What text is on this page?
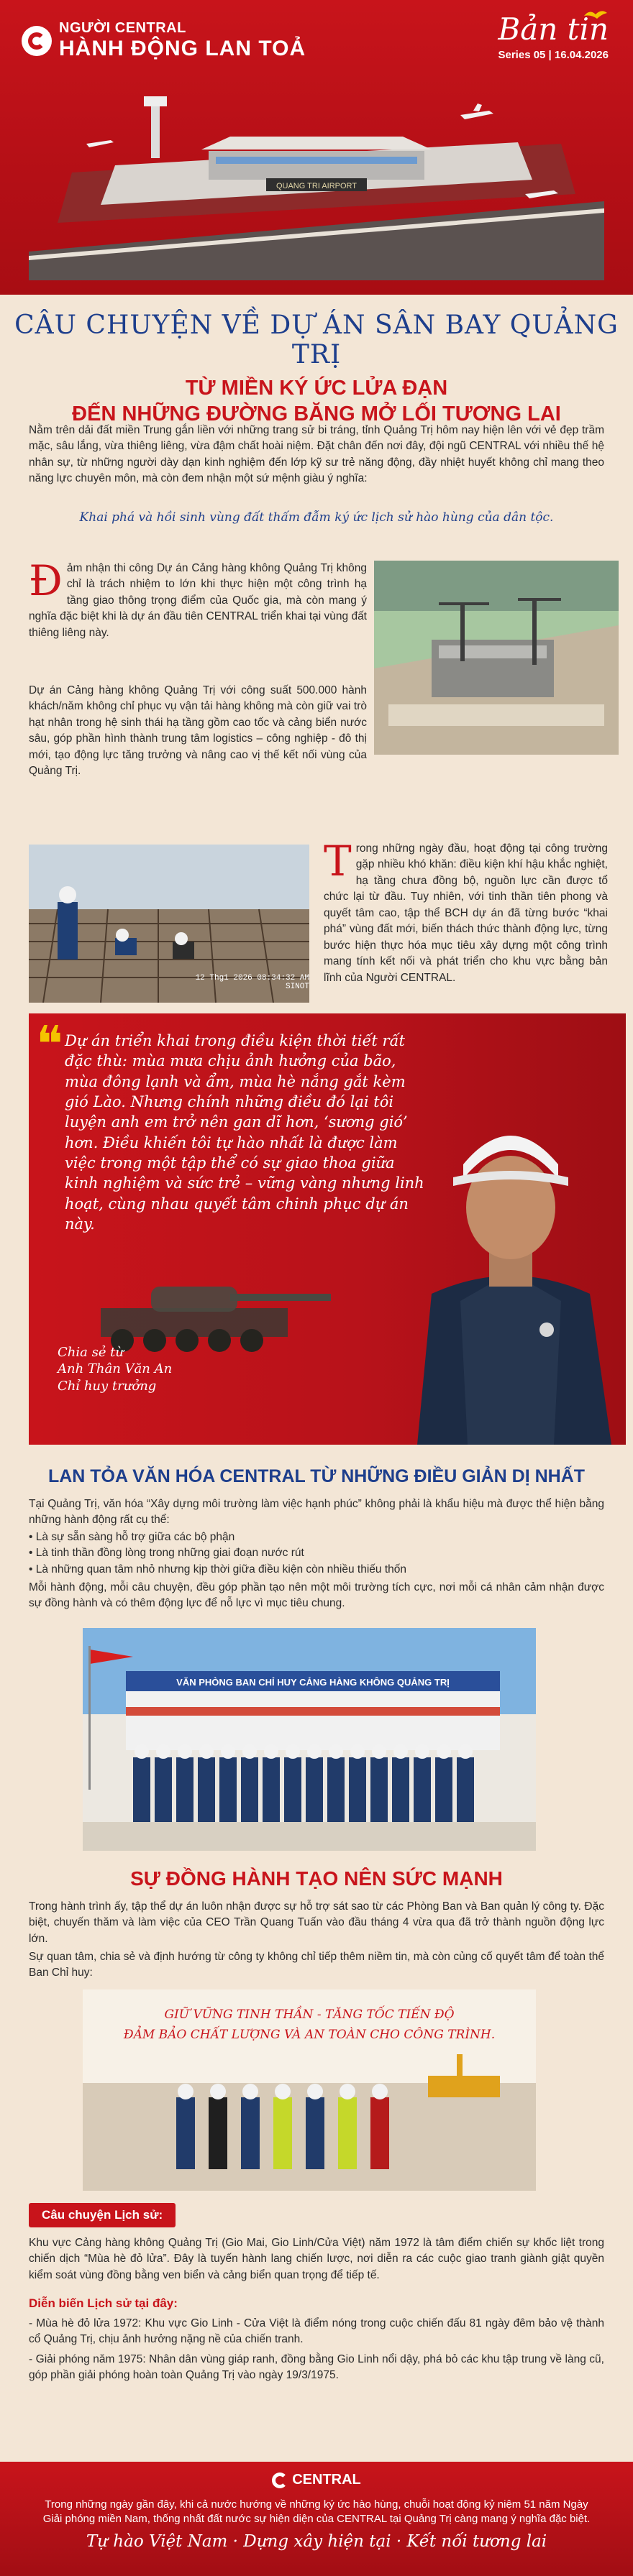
NGƯỜI CENTRAL
HÀNH ĐỘNG LAN TOẢ
Bản tin
Series 05 | 16.04.2026
QUANG TRI AIRPORT
CÂU CHUYỆN VỀ DỰ ÁN SÂN BAY QUẢNG TRỊ
TỪ MIỀN KÝ ỨC LỬA ĐẠN
ĐẾN NHỮNG ĐƯỜNG BĂNG MỞ LỐI TƯƠNG LAI
Nằm trên dải đất miền Trung gắn liền với những trang sử bi tráng, tỉnh Quảng Trị hôm nay hiện lên với vẻ đẹp trầm mặc, sâu lắng, vừa thiêng liêng, vừa đậm chất hoài niệm. Đặt chân đến nơi đây, đội ngũ CENTRAL với nhiều thế hệ nhân sự, từ những người dày dạn kinh nghiệm đến lớp kỹ sư trẻ năng động, đầy nhiệt huyết không chỉ mang theo năng lực chuyên môn, mà còn đem nhận một sứ mệnh giàu ý nghĩa:
Khai phá và hồi sinh vùng đất thấm đẫm ký ức lịch sử hào hùng của dân tộc.
Đảm nhận thi công Dự án Cảng hàng không Quảng Trị không chỉ là trách nhiệm to lớn khi thực hiện một công trình hạ tầng giao thông trọng điểm của Quốc gia, mà còn mang ý nghĩa đặc biệt khi là dự án đầu tiên CENTRAL triển khai tại vùng đất thiêng liêng này.
Dự án Cảng hàng không Quảng Trị với công suất 500.000 hành khách/năm không chỉ phục vụ vận tải hàng không mà còn giữ vai trò hạt nhân trong hệ sinh thái hạ tầng gồm cao tốc và cảng biển nước sâu, góp phần hình thành trung tâm logistics – công nghiệp - đô thị mới, tạo động lực tăng trưởng và nâng cao vị thế kết nối vùng của Quảng Trị.
12 Thg1 2026 08:34:32 AM
SINOT
Trong những ngày đầu, hoạt động tại công trường gặp nhiều khó khăn: điều kiện khí hậu khắc nghiệt, hạ tầng chưa đồng bộ, nguồn lực cần được tổ chức lại từ đầu. Tuy nhiên, với tinh thần tiên phong và quyết tâm cao, tập thể BCH dự án đã từng bước “khai phá” vùng đất mới, biến thách thức thành động lực, từng bước hiện thực hóa mục tiêu xây dựng một công trình mang tính kết nối và phát triển cho khu vực bằng bản lĩnh của Người CENTRAL.
❝ Dự án triển khai trong điều kiện thời tiết rất đặc thù: mùa mưa chịu ảnh hưởng của bão, mùa đông lạnh và ẩm, mùa hè nắng gắt kèm gió Lào. Nhưng chính những điều đó lại tôi luyện anh em trở nên gan dĩ hơn, ‘sương gió’ hơn. Điều khiến tôi tự hào nhất là được làm việc trong một tập thể có sự giao thoa giữa kinh nghiệm và sức trẻ – vững vàng nhưng linh hoạt, cùng nhau quyết tâm chinh phục dự án này.
Chia sẻ từ
Anh Thân Văn An
Chỉ huy trưởng
LAN TỎA VĂN HÓA CENTRAL TỪ NHỮNG ĐIỀU GIẢN DỊ NHẤT
Tại Quảng Trị, văn hóa “Xây dựng môi trường làm việc hạnh phúc” không phải là khẩu hiệu mà được thể hiện bằng những hành động rất cụ thể:
• Là sự sẵn sàng hỗ trợ giữa các bộ phận
• Là tinh thần đồng lòng trong những giai đoạn nước rút
• Là những quan tâm nhỏ nhưng kịp thời giữa điều kiện còn nhiều thiếu thốn
Mỗi hành động, mỗi câu chuyện, đều góp phần tạo nên một môi trường tích cực, nơi mỗi cá nhân cảm nhận được sự đồng hành và có thêm động lực để nỗ lực vì mục tiêu chung.
VĂN PHÒNG BAN CHỈ HUY CẢNG HÀNG KHÔNG QUẢNG TRỊ
SỰ ĐỒNG HÀNH TẠO NÊN SỨC MẠNH
Trong hành trình ấy, tập thể dự án luôn nhận được sự hỗ trợ sát sao từ các Phòng Ban và Ban quản lý công ty. Đặc biệt, chuyến thăm và làm việc của CEO Trần Quang Tuấn vào đầu tháng 4 vừa qua đã trở thành nguồn động lực lớn.
Sự quan tâm, chia sẻ và định hướng từ công ty không chỉ tiếp thêm niềm tin, mà còn củng cố quyết tâm để toàn thể Ban Chỉ huy:
GIỮ VỮNG TINH THẦN - TĂNG TỐC TIẾN ĐỘ
ĐẢM BẢO CHẤT LƯỢNG VÀ AN TOÀN CHO CÔNG TRÌNH.
Câu chuyện Lịch sử:
Khu vực Cảng hàng không Quảng Trị (Gio Mai, Gio Linh/Cửa Việt) năm 1972 là tâm điểm chiến sự khốc liệt trong chiến dịch “Mùa hè đỏ lửa”. Đây là tuyến hành lang chiến lược, nơi diễn ra các cuộc giao tranh giành giật quyền kiểm soát vùng đồng bằng ven biển và cảng biển quan trọng để tiếp tế.
Diễn biến Lịch sử tại đây:
- Mùa hè đỏ lửa 1972: Khu vực Gio Linh - Cửa Việt là điểm nóng trong cuộc chiến đấu 81 ngày đêm bảo vệ thành cổ Quảng Trị, chịu ảnh hưởng nặng nề của chiến tranh.
- Giải phóng năm 1975: Nhân dân vùng giáp ranh, đồng bằng Gio Linh nổi dậy, phá bỏ các khu tập trung về làng cũ, góp phần giải phóng hoàn toàn Quảng Trị vào ngày 19/3/1975.
CENTRAL
Trong những ngày gần đây, khi cả nước hướng về những ký ức hào hùng, chuỗi hoạt động kỷ niệm 51 năm Ngày Giải phóng miền Nam, thống nhất đất nước sự hiện diện của CENTRAL tại Quảng Trị càng mang ý nghĩa đặc biệt.
Tự hào Việt Nam · Dựng xây hiện tại · Kết nối tương lai
